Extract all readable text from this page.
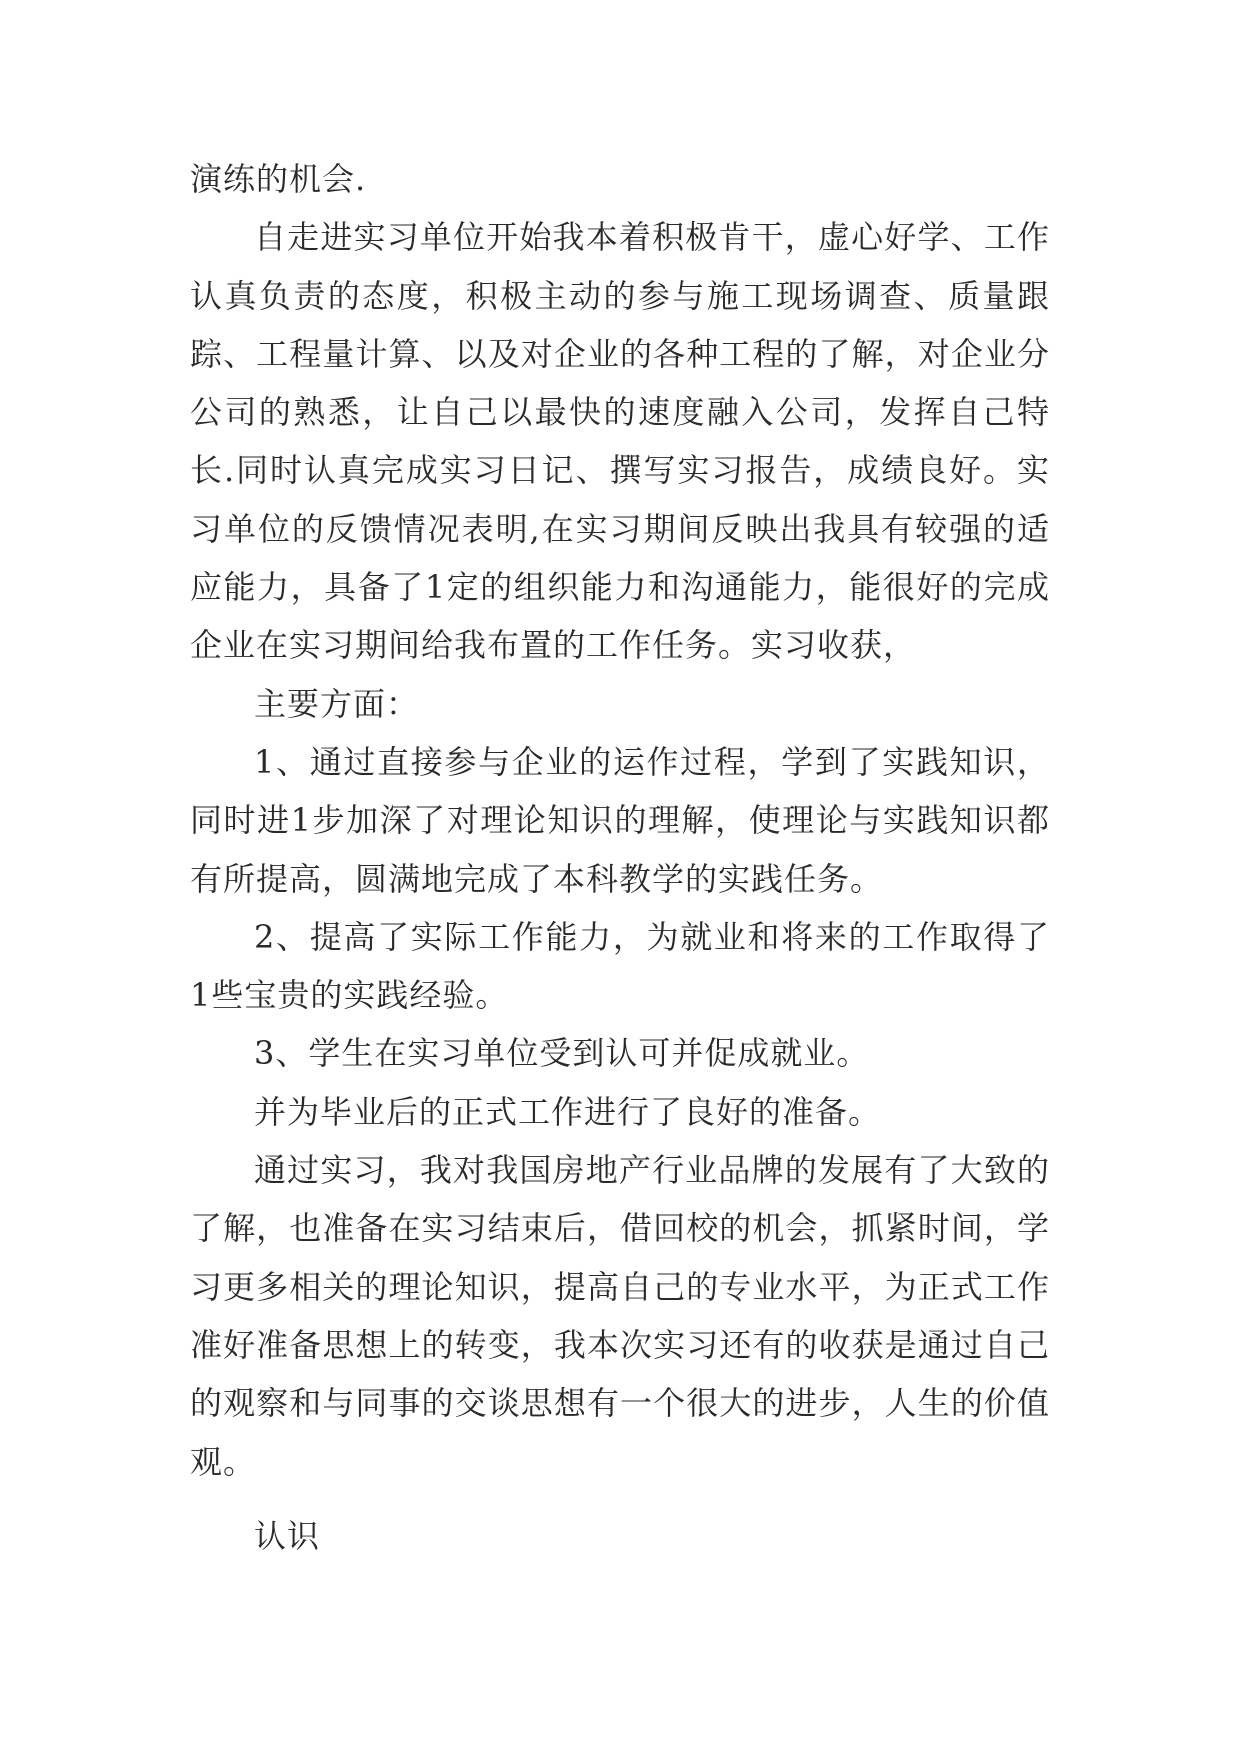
演练的机会.

自走进实习单位开始我本着积极肯干，虚心好学、工作认真负责的态度，积极主动的参与施工现场调查、质量跟踪、工程量计算、以及对企业的各种工程的了解，对企业分公司的熟悉，让自己以最快的速度融入公司，发挥自己特长.同时认真完成实习日记、撰写实习报告，成绩良好。实习单位的反馈情况表明,在实习期间反映出我具有较强的适应能力，具备了1定的组织能力和沟通能力，能很好的完成企业在实习期间给我布置的工作任务。实习收获，

主要方面：

1、通过直接参与企业的运作过程，学到了实践知识，同时进1步加深了对理论知识的理解，使理论与实践知识都有所提高，圆满地完成了本科教学的实践任务。

2、提高了实际工作能力，为就业和将来的工作取得了1些宝贵的实践经验。

3、学生在实习单位受到认可并促成就业。

并为毕业后的正式工作进行了良好的准备。

通过实习，我对我国房地产行业品牌的发展有了大致的了解，也准备在实习结束后，借回校的机会，抓紧时间，学习更多相关的理论知识，提高自己的专业水平，为正式工作准好准备思想上的转变，我本次实习还有的收获是通过自己的观察和与同事的交谈思想有一个很大的进步，人生的价值观。

认识
